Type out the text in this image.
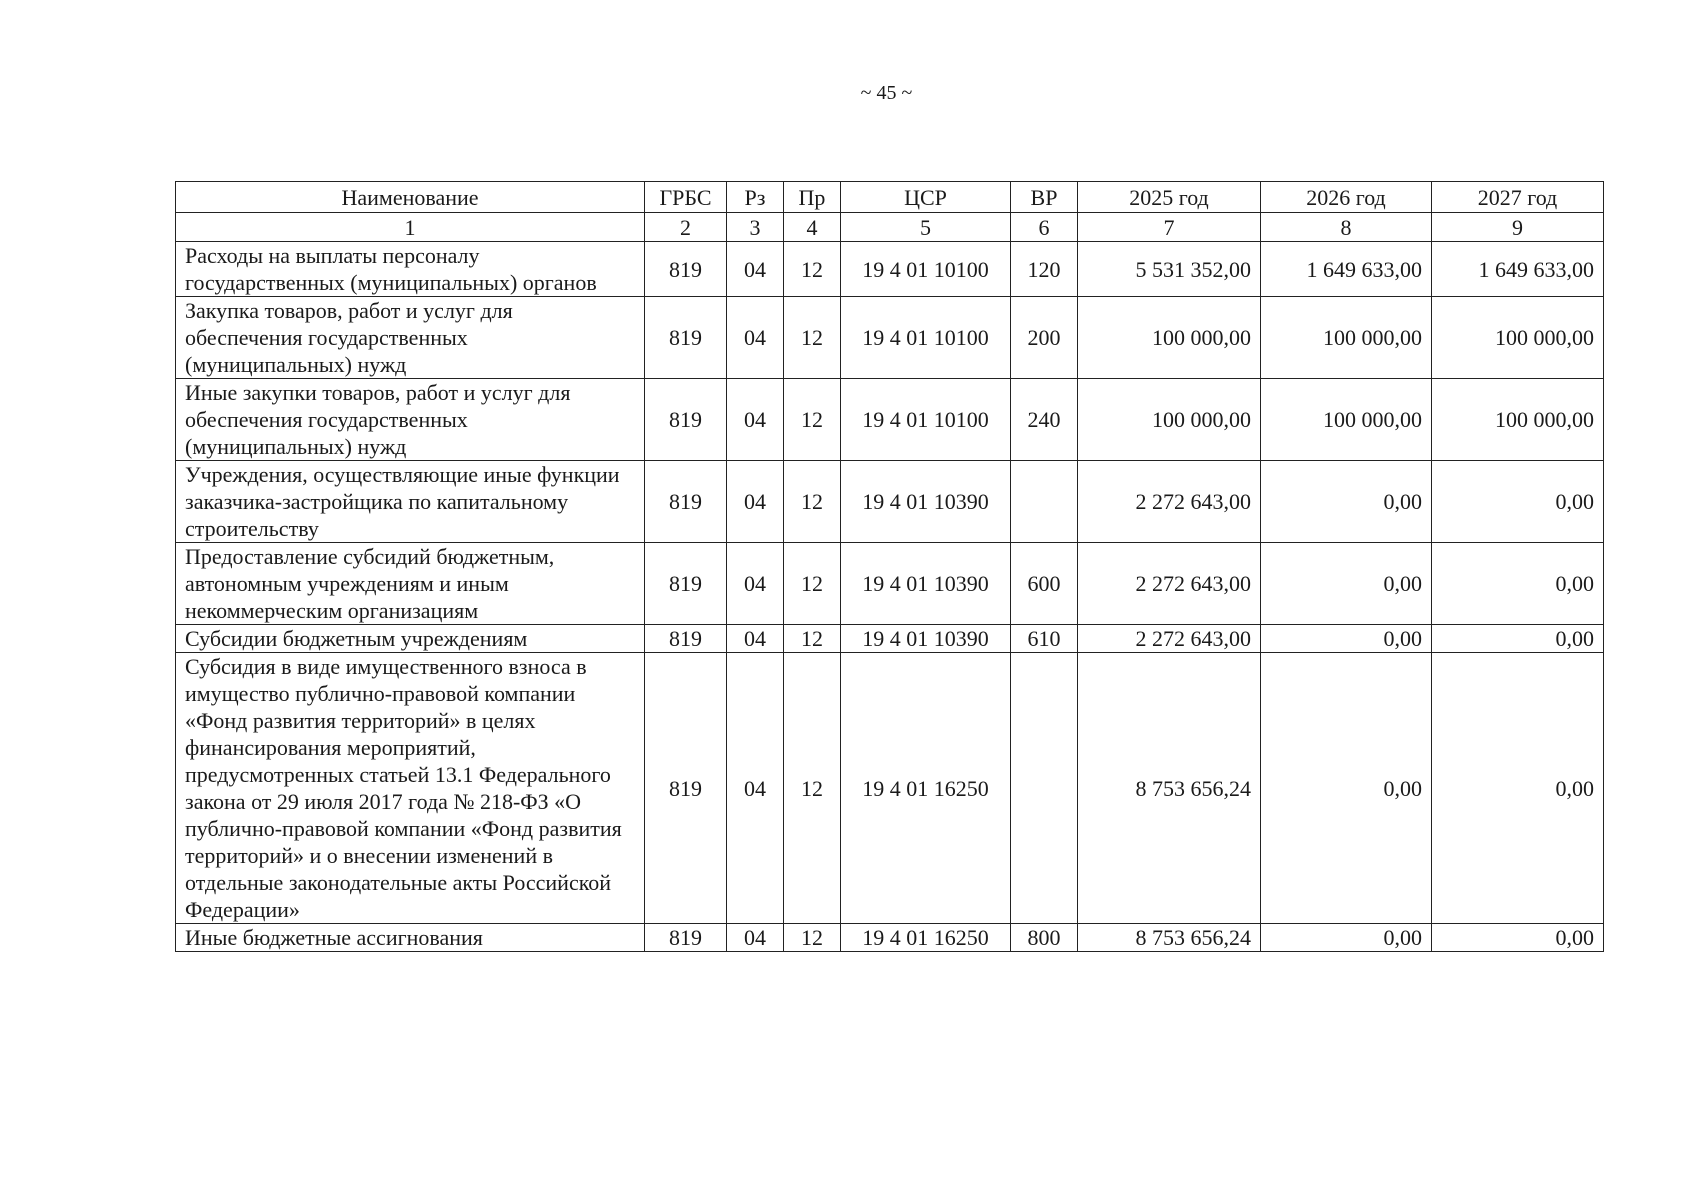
~ 45 ~
Наименование	ГРБС	Рз	Пр	ЦСР	ВР	2025 год	2026 год	2027 год
1	2	3	4	5	6	7	8	9
Расходы на выплаты персоналу государственных (муниципальных) органов	819	04	12	19 4 01 10100	120	5 531 352,00	1 649 633,00	1 649 633,00
Закупка товаров, работ и услуг для обеспечения государственных (муниципальных) нужд	819	04	12	19 4 01 10100	200	100 000,00	100 000,00	100 000,00
Иные закупки товаров, работ и услуг для обеспечения государственных (муниципальных) нужд	819	04	12	19 4 01 10100	240	100 000,00	100 000,00	100 000,00
Учреждения, осуществляющие иные функции заказчика-застройщика по капитальному строительству	819	04	12	19 4 01 10390		2 272 643,00	0,00	0,00
Предоставление субсидий бюджетным, автономным учреждениям и иным некоммерческим организациям	819	04	12	19 4 01 10390	600	2 272 643,00	0,00	0,00
Субсидии бюджетным учреждениям	819	04	12	19 4 01 10390	610	2 272 643,00	0,00	0,00
Субсидия в виде имущественного взноса в имущество публично-правовой компании «Фонд развития территорий» в целях финансирования мероприятий, предусмотренных статьей 13.1 Федерального закона от 29 июля 2017 года № 218-ФЗ «О публично-правовой компании «Фонд развития территорий» и о внесении изменений в отдельные законодательные акты Российской Федерации»	819	04	12	19 4 01 16250		8 753 656,24	0,00	0,00
Иные бюджетные ассигнования	819	04	12	19 4 01 16250	800	8 753 656,24	0,00	0,00
